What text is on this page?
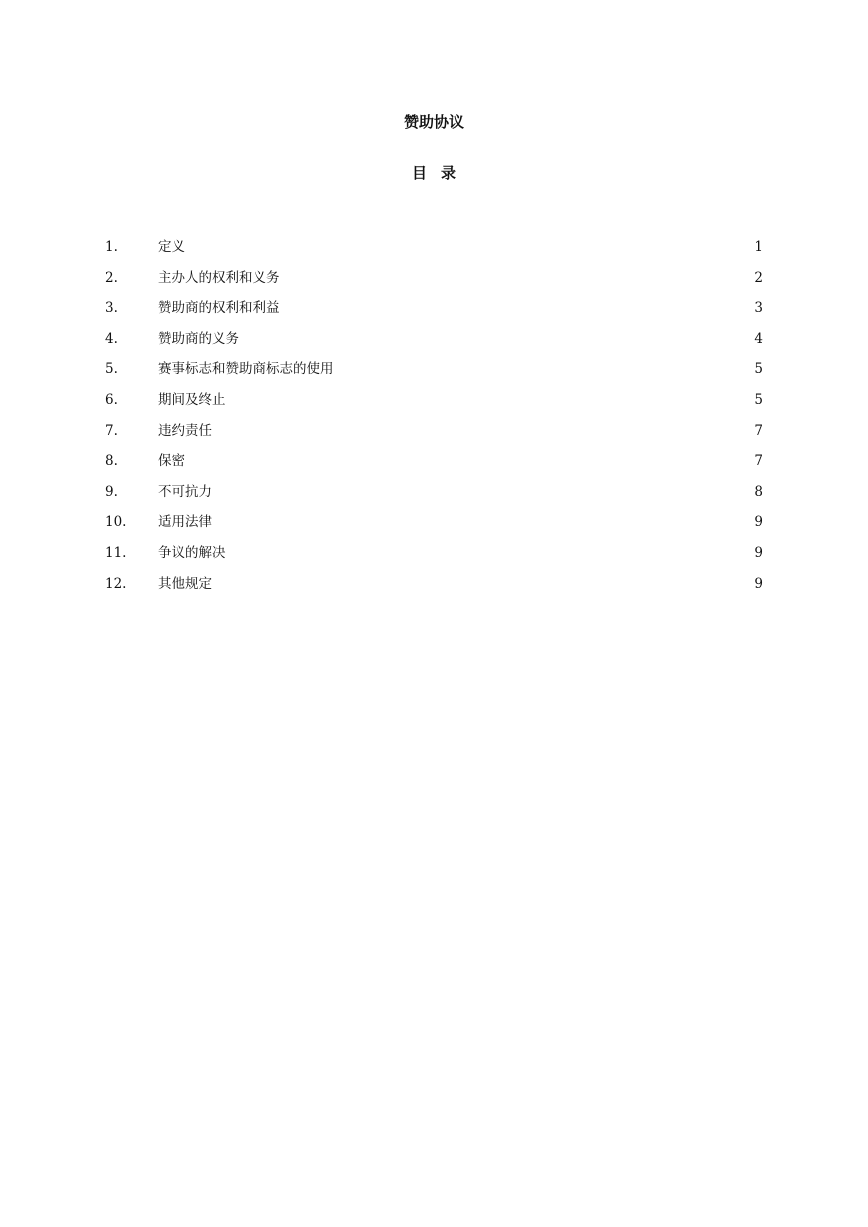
赞助协议
目录
1.	定义	1
2.	主办人的权利和义务	2
3.	赞助商的权利和利益	3
4.	赞助商的义务	4
5.	赛事标志和赞助商标志的使用	5
6.	期间及终止	5
7.	违约责任	7
8.	保密	7
9.	不可抗力	8
10. 适用法律	9
11. 争议的解决	9
12. 其他规定	9
